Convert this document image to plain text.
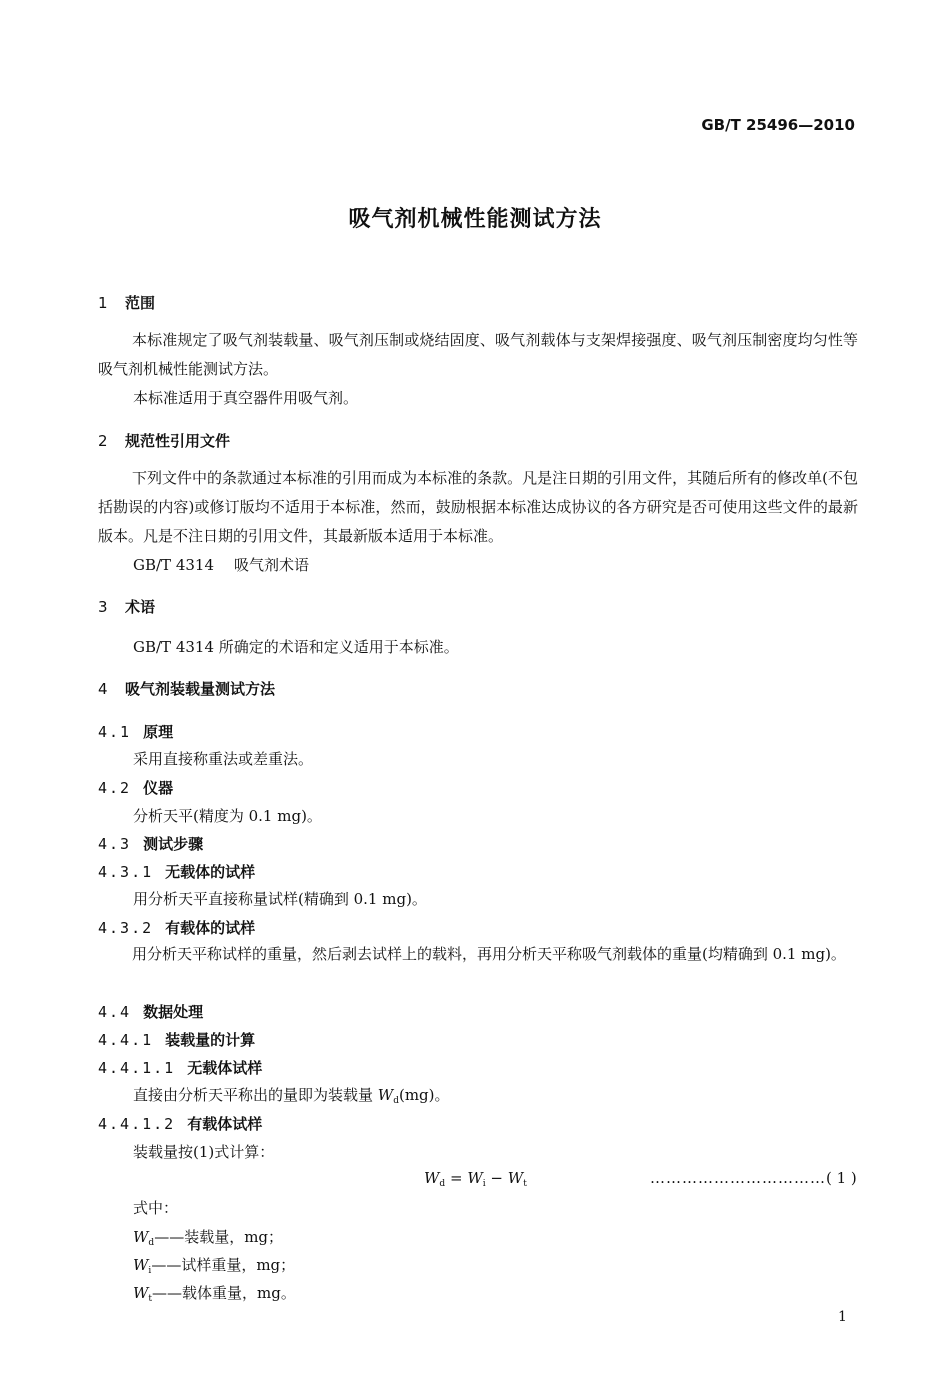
GB/T 25496—2010
吸气剂机械性能测试方法
1 范围
本标准规定了吸气剂装载量、吸气剂压制或烧结固度、吸气剂载体与支架焊接强度、吸气剂压制密度均匀性等吸气剂机械性能测试方法。
本标准适用于真空器件用吸气剂。
2 规范性引用文件
下列文件中的条款通过本标准的引用而成为本标准的条款。凡是注日期的引用文件，其随后所有的修改单(不包括勘误的内容)或修订版均不适用于本标准，然而，鼓励根据本标准达成协议的各方研究是否可使用这些文件的最新版本。凡是不注日期的引用文件，其最新版本适用于本标准。
GB/T 4314 吸气剂术语
3 术语
GB/T 4314 所确定的术语和定义适用于本标准。
4 吸气剂装载量测试方法
4.1 原理
采用直接称重法或差重法。
4.2 仪器
分析天平(精度为 0.1 mg)。
4.3 测试步骤
4.3.1 无载体的试样
用分析天平直接称量试样(精确到 0.1 mg)。
4.3.2 有载体的试样
用分析天平称试样的重量，然后剥去试样上的载料，再用分析天平称吸气剂载体的重量(均精确到 0.1 mg)。
4.4 数据处理
4.4.1 装载量的计算
4.4.1.1 无载体试样
直接由分析天平称出的量即为装载量 $W_d(mg)$。
4.4.1.2 有载体试样
装载量按(1)式计算：
$W_d = W_i - W_t$	……………………………( 1 )
式中：
$W_d——$装载量，mg；
$W_i——$试样重量，mg；
$W_t——$载体重量，mg。
1
